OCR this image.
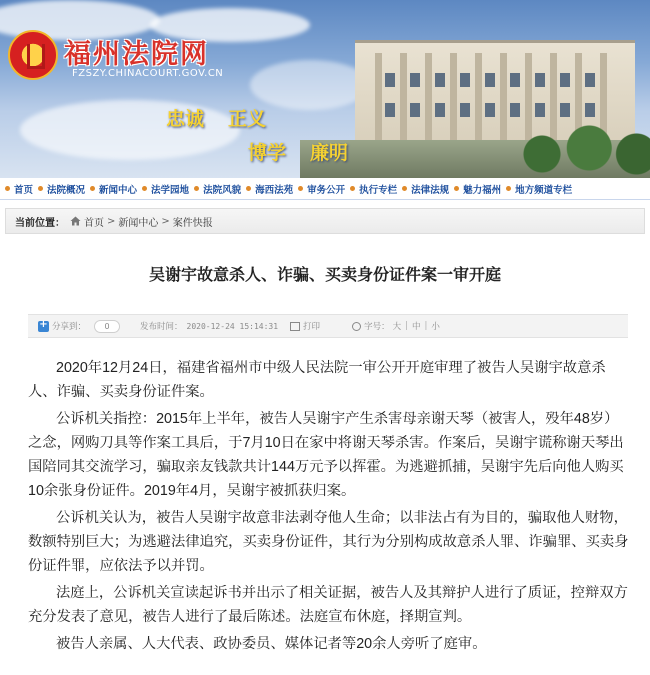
福州法院网
FZSZY.CHINACOURT.GOV.CN
忠诚 正义
博学 廉明
首页 法院概况 新闻中心 法学园地 法院风貌 海西法苑 审务公开 执行专栏 法律法规 魅力福州 地方频道专栏
当前位置： 首页 > 新闻中心 > 案件快报
吴谢宇故意杀人、诈骗、买卖身份证件案一审开庭
+
分享到：	0	发布时间： 2020-12-24 15:14:31	打印	字号： 大 | 中 | 小

2020年12月24日，福建省福州市中级人民法院一审公开开庭审理了被告人吴谢宇故意杀人、诈骗、买卖身份证件案。

公诉机关指控：2015年上半年，被告人吴谢宇产生杀害母亲谢天琴（被害人，殁年48岁）之念，网购刀具等作案工具后，于7月10日在家中将谢天琴杀害。作案后，吴谢宇谎称谢天琴出国陪同其交流学习，骗取亲友钱款共计144万元予以挥霍。为逃避抓捕，吴谢宇先后向他人购买10余张身份证件。2019年4月，吴谢宇被抓获归案。

公诉机关认为，被告人吴谢宇故意非法剥夺他人生命；以非法占有为目的，骗取他人财物，数额特别巨大；为逃避法律追究，买卖身份证件，其行为分别构成故意杀人罪、诈骗罪、买卖身份证件罪，应依法予以并罚。

法庭上，公诉机关宣读起诉书并出示了相关证据，被告人及其辩护人进行了质证，控辩双方充分发表了意见，被告人进行了最后陈述。法庭宣布休庭，择期宣判。

被告人亲属、人大代表、政协委员、媒体记者等20余人旁听了庭审。
